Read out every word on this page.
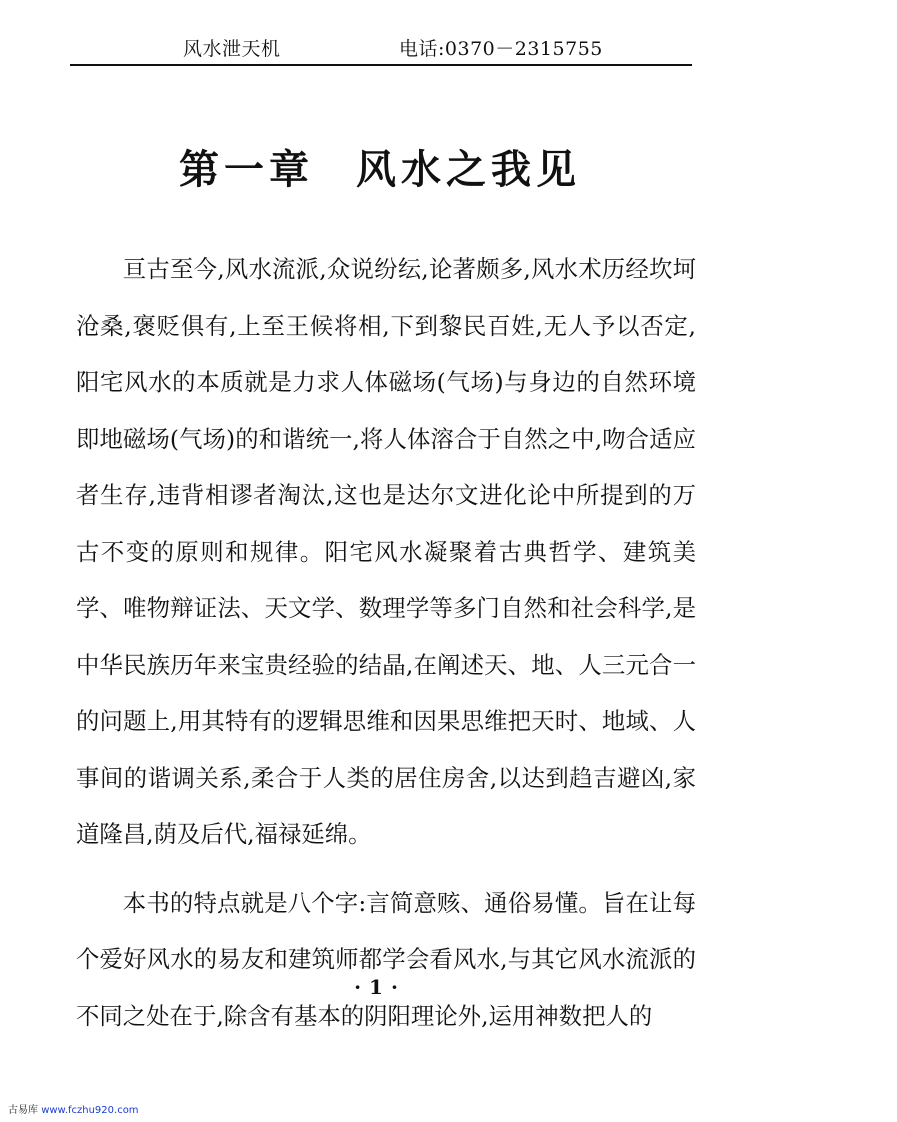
风水泄天机	电话:0370－2315755
第一章 风水之我见

亘古至今,风水流派,众说纷纭,论著颇多,风水术历经坎坷沧桑,褒贬俱有,上至王候将相,下到黎民百姓,无人予以否定,阳宅风水的本质就是力求人体磁场(气场)与身边的自然环境即地磁场(气场)的和谐统一,将人体溶合于自然之中,吻合适应者生存,违背相谬者淘汰,这也是达尔文进化论中所提到的万古不变的原则和规律。阳宅风水凝聚着古典哲学、建筑美学、唯物辩证法、天文学、数理学等多门自然和社会科学,是中华民族历年来宝贵经验的结晶,在阐述天、地、人三元合一的问题上,用其特有的逻辑思维和因果思维把天时、地域、人事间的谐调关系,柔合于人类的居住房舍,以达到趋吉避凶,家道隆昌,荫及后代,福禄延绵。

本书的特点就是八个字:言简意赅、通俗易懂。旨在让每个爱好风水的易友和建筑师都学会看风水,与其它风水流派的不同之处在于,除含有基本的阴阳理论外,运用神数把人的

·1·
古易库 www.fczhu920.com
